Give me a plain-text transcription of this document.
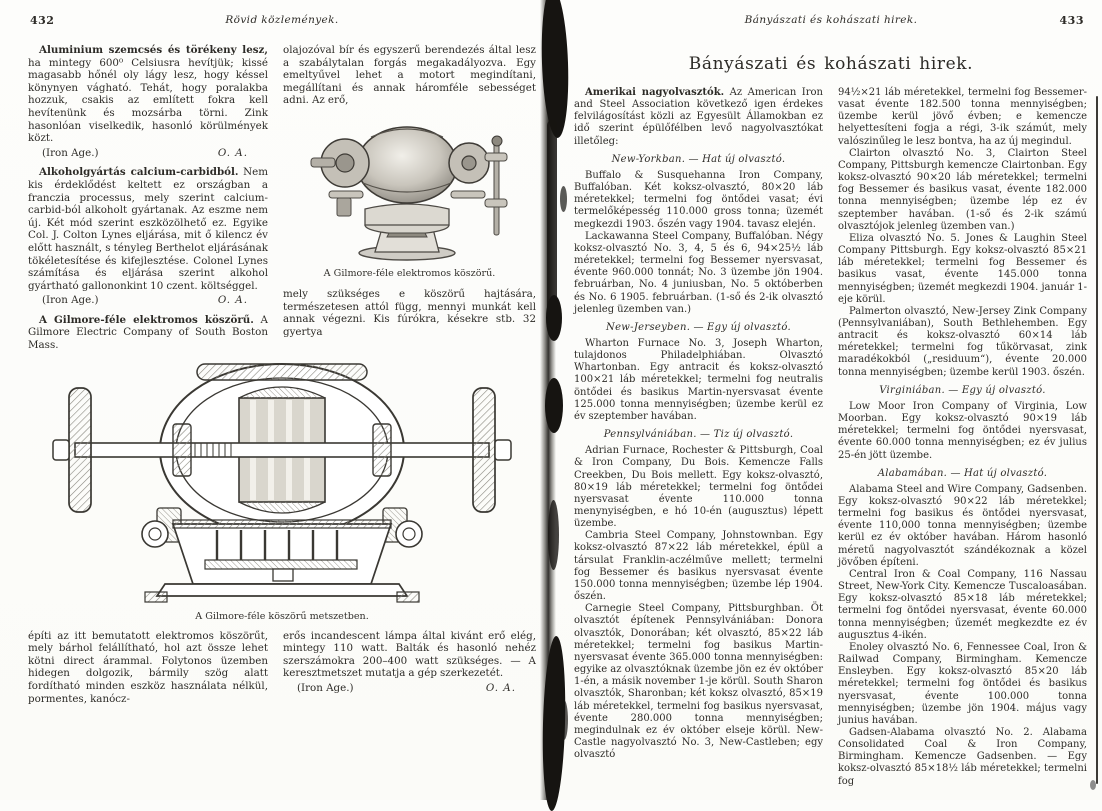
432	Rövid közlemények.

Aluminium szemcsés és törékeny lesz, ha mintegy 600⁰ Celsiusra hevítjük; kissé magasabb hőnél oly lágy lesz, hogy késsel könynyen vágható. Tehát, hogy poralakba hozzuk, csakis az említett fokra kell hevítenünk és mozsárba törni. Zink hasonlóan viselkedik, hasonló körülmények közt.

(Iron Age.)	O. A.

Alkoholgyártás calcium-carbidból. Nem kis érdeklődést keltett ez országban a franczia processus, mely szerint calcium-carbid-ból alkoholt gyártanak. Az eszme nem új. Két mód szerint eszközölhető ez. Egyike Col. J. Colton Lynes eljárása, mit ő kilencz év előtt használt, s tényleg Berthelot eljárásának tökéletesítése és kifejlesztése. Colonel Lynes számítása és eljárása szerint alkohol gyártható gallononkint 10 czent. költséggel.

(Iron Age.)	O. A.

A Gilmore-féle elektromos köszörű. A Gilmore Electric Company of South Boston Mass.

olajozóval bír és egyszerű berendezés által lesz a szabálytalan forgás megakadályozva. Egy emeltyűvel lehet a motort megindítani, megállítani és annak háromféle sebességet adni. Az erő,

A Gilmore-féle elektromos köszörű.

mely szükséges e köszörű hajtására, természetesen attól függ, mennyi munkát kell annak végezni. Kis fúrókra, késekre stb. 32 gyertya

A Gilmore-féle köszörű metszetben.

építi az itt bemutatott elektromos köszörűt, mely bárhol felállítható, hol azt össze lehet kötni direct árammal. Folytonos üzemben hidegen dolgozik, bármily szög alatt fordítható minden eszköz használata nélkül, pormentes, kanócz-

erős incandescent lámpa által kivánt erő elég, mintegy 110 watt. Balták és hasonló nehéz szerszámokra 200–400 watt szükséges. — A keresztmetszet mutatja a gép szerkezetét.

(Iron Age.)	O. A.
Bányászati és kohászati hirek.	433
Bányászati és kohászati hirek.

Amerikai nagyolvasztók. Az American Iron and Steel Association következő igen érdekes felvilágosítást közli az Egyesült Államokban ez idő szerint épülőfélben levő nagyolvasztókat illetőleg:

New-Yorkban. — Hat új olvasztó.

Buffalo & Susquehanna Iron Company, Buffalóban. Két koksz-olvasztó, 80×20 láb méretekkel; termelni fog öntődei vasat; évi termelőképesség 110.000 gross tonna; üzemét megkezdi 1903. őszén vagy 1904. tavasz elején.

Lackawanna Steel Company, Buffalóban. Négy koksz-olvasztó No. 3, 4, 5 és 6, 94×25½ láb méretekkel; termelni fog Bessemer nyersvasat, évente 960.000 tonnát; No. 3 üzembe jön 1904. februárban, No. 4 juniusban, No. 5 októberben és No. 6 1905. februárban. (1-ső és 2-ik olvasztó jelenleg üzemben van.)

New-Jerseyben. — Egy új olvasztó.

Wharton Furnace No. 3, Joseph Wharton, tulajdonos Philadelphiában. Olvasztó Whartonban. Egy antracit és koksz-olvasztó 100×21 láb méretekkel; termelni fog neutralis öntődei és basikus Martin-nyersvasat évente 125.000 tonna mennyiségben; üzembe kerül ez év szeptember havában.

Pennsylvániában. — Tiz új olvasztó.

Adrian Furnace, Rochester & Pittsburgh, Coal & Iron Company, Du Bois. Kemencze Falls Creekben, Du Bois mellett. Egy koksz-olvasztó, 80×19 láb méretekkel; termelni fog öntődei nyersvasat évente 110.000 tonna menynyiségben, e hó 10-én (augusztus) lépett üzembe.

Cambria Steel Company, Johnstownban. Egy koksz-olvasztó 87×22 láb méretekkel, épül a társulat Franklin-aczélműve mellett; termelni fog Bessemer és basikus nyersvasat évente 150.000 tonna mennyiségben; üzembe lép 1904. őszén.

Carnegie Steel Company, Pittsburghban. Öt olvasztót építenek Pennsylvániában: Donora olvasztók, Donorában; két olvasztó, 85×22 láb méretekkel; termelni fog basikus Martin-nyersvasat évente 365.000 tonna mennyiségben: egyike az olvasztóknak üzembe jön ez év október 1-én, a másik november 1-je körül. South Sharon olvasztók, Sharonban; két koksz olvasztó, 85×19 láb méretekkel, termelni fog basikus nyersvasat, évente 280.000 tonna mennyiségben; megindulnak ez év október elseje körül. New-Castle nagyolvasztó No. 3, New-Castleben; egy olvasztó

94½×21 láb méretekkel, termelni fog Bessemer-vasat évente 182.500 tonna mennyiségben; üzembe kerül jövő évben; e kemencze helyettesíteni fogja a régi, 3-ik számút, mely valószinűleg le lesz bontva, ha az új megindul.

Clairton olvasztó No. 3, Clairton Steel Company, Pittsburgh kemencze Clairtonban. Egy koksz-olvasztó 90×20 láb méretekkel; termelni fog Bessemer és basikus vasat, évente 182.000 tonna mennyiségben; üzembe lép ez év szeptember havában. (1-ső és 2-ik számú olvasztójok jelenleg üzemben van.)

Eliza olvasztó No. 5. Jones & Laughin Steel Company Pittsburgh. Egy koksz-olvasztó 85×21 láb méretekkel; termelni fog Bessemer és basikus vasat, évente 145.000 tonna mennyiségben; üzemét megkezdi 1904. január 1-eje körül.

Palmerton olvasztó, New-Jersey Zink Company (Pennsylvaniában), South Bethlehemben. Egy antracit és koksz-olvasztó 60×14 láb méretekkel; termelni fog tűkörvasat, zink maradékokból („residuum“), évente 20.000 tonna mennyiségben; üzembe kerül 1903. őszén.

Virginiában. — Egy új olvasztó.

Low Moor Iron Company of Virginia, Low Moorban. Egy koksz-olvasztó 90×19 láb méretekkel; termelni fog öntődei nyersvasat, évente 60.000 tonna mennyiségben; ez év julius 25-én jött üzembe.

Alabamában. — Hat új olvasztó.

Alabama Steel and Wire Company, Gadsenben. Egy koksz-olvasztó 90×22 láb méretekkel; termelni fog basikus és öntődei nyersvasat, évente 110,000 tonna mennyiségben; üzembe kerül ez év október havában. Három hasonló méretű nagyolvasztót szándékoznak a közel jövőben építeni.

Central Iron & Coal Company, 116 Nassau Street, New-York City. Kemencze Tuscaloasában. Egy koksz-olvasztó 85×18 láb méretekkel; termelni fog öntődei nyersvasat, évente 60.000 tonna mennyiségben; űzemét megkezdte ez év augusztus 4-ikén.

Enoley olvasztó No. 6, Fennessee Coal, Iron & Railwad Company, Birmingham. Kemencze Ensleyben. Egy koksz-olvasztó 85×20 láb méretekkel; termelni fog öntődei és basikus nyersvasat, évente 100.000 tonna mennyiségben; üzembe jön 1904. május vagy junius havában.

Gadsen-Alabama olvasztó No. 2. Alabama Consolidated Coal & Iron Company, Birmingham. Kemencze Gadsenben. — Egy koksz-olvasztó 85×18½ láb méretekkel; termelni fog
